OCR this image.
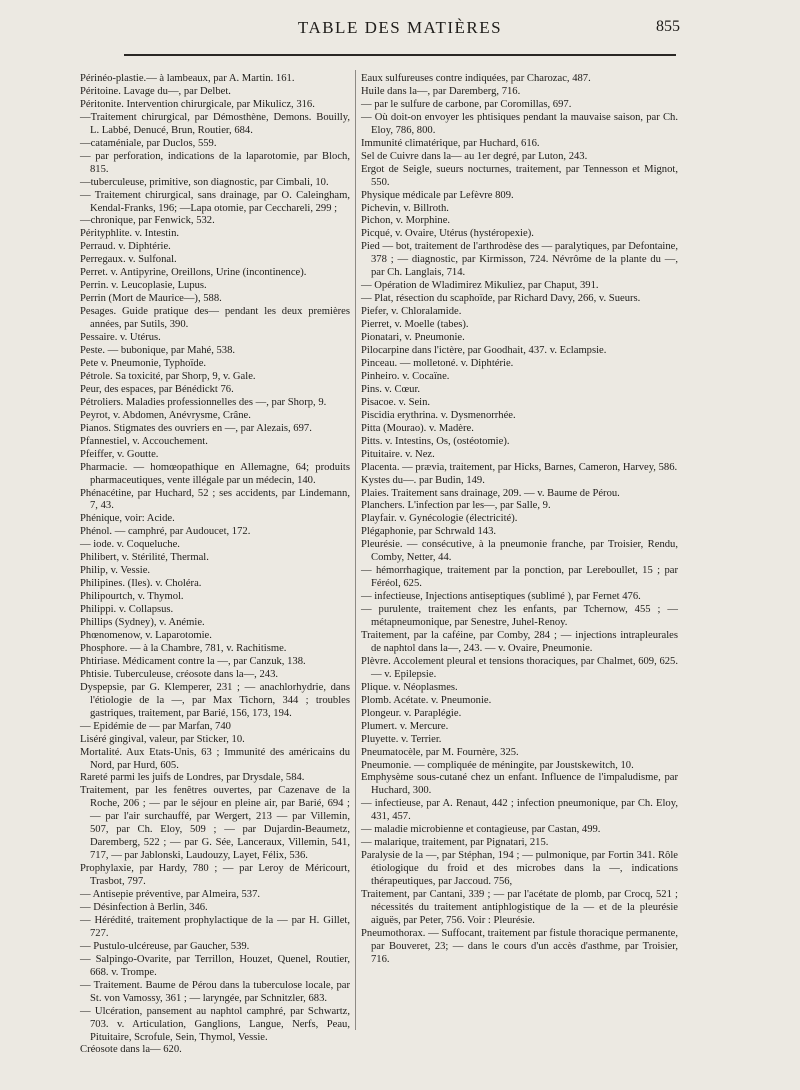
TABLE DES MATIÈRES	855

Périnéo-plastie.— à lambeaux, par A. Martin. 161.

Péritoine. Lavage du—, par Delbet.

Péritonite. Intervention chirurgicale, par Mikulicz, 316.

—Traitement chirurgical, par Démosthène, Demons. Bouilly, L. Labbé, Denucé, Brun, Routier, 684.

—cataméniale, par Duclos, 559.

— par perforation, indications de la laparotomie, par Bloch, 815.

—tuberculeuse, primitive, son diagnostic, par Cimbali, 10.

— Traitement chirurgical, sans drainage, par O. Caleingham, Kendal-Franks, 196; —Lapa otomie, par Cecchareli, 299 ;

—chronique, par Fenwick, 532.

Pérityphlite. v. Intestin.

Perraud. v. Diphtérie.

Perregaux. v. Sulfonal.

Perret. v. Antipyrine, Oreillons, Urine (incontinence).

Perrin. v. Leucoplasie, Lupus.

Perrin (Mort de Maurice—), 588.

Pesages. Guide pratique des— pendant les deux premières années, par Sutils, 390.

Pessaire. v. Utérus.

Peste. — bubonique, par Mahé, 538.

Pete v. Pneumonie, Typhoïde.

Pétrole. Sa toxicité, par Shorp, 9, v. Gale.

Peur, des espaces, par Bénédickt 76.

Pétroliers. Maladies professionnelles des —, par Shorp, 9.

Peyrot, v. Abdomen, Anévrysme, Crâne.

Pianos. Stigmates des ouvriers en —, par Alezais, 697.

Pfannestiel, v. Accouchement.

Pfeiffer, v. Goutte.

Pharmacie. — homœopathique en Allemagne, 64; produits pharmaceutiques, vente illégale par un médecin, 140.

Phénacétine, par Huchard, 52 ; ses accidents, par Lindemann, 7, 43.

Phénique, voir: Acide.

Phénol. — camphré, par Audoucet, 172.

— iode. v. Coqueluche.

Philibert, v. Stérilité, Thermal.

Philip, v. Vessie.

Philipines. (Iles). v. Choléra.

Philipourtch, v. Thymol.

Philippi. v. Collapsus.

Phillips (Sydney), v. Anémie.

Phœnomenow, v. Laparotomie.

Phosphore. — à la Chambre, 781, v. Rachitisme.

Phtiriase. Médicament contre la —, par Canzuk, 138.

Phtisie. Tuberculeuse, créosote dans la—, 243.

Dyspepsie, par G. Klemperer, 231 ; — anachlorhydrie, dans l'étiologie de la —, par Max Tichorn, 344 ; troubles gastriques, traitement, par Barié, 156, 173, 194.

— Epidémie de — par Marfan, 740

Liséré gingival, valeur, par Sticker, 10.

Mortalité. Aux Etats-Unis, 63 ; Immunité des américains du Nord, par Hurd, 605.

Rareté parmi les juifs de Londres, par Drysdale, 584.

Traitement, par les fenêtres ouvertes, par Cazenave de la Roche, 206 ; — par le séjour en pleine air, par Barié, 694 ; — par l'air surchauffé, par Wergert, 213 — par Villemin, 507, par Ch. Eloy, 509 ; — par Dujardin-Beaumetz, Daremberg, 522 ; — par G. Sée, Lanceraux, Villemin, 541, 717, — par Jablonski, Laudouzy, Layet, Félix, 536.

Prophylaxie, par Hardy, 780 ; — par Leroy de Méricourt, Trasbot, 797.

— Antisepie préventive, par Almeira, 537.

— Désinfection à Berlin, 346.

— Hérédité, traitement prophylactique de la — par H. Gillet, 727.

— Pustulo-ulcéreuse, par Gaucher, 539.

— Salpingo-Ovarite, par Terrillon, Houzet, Quenel, Routier, 668. v. Trompe.

— Traitement. Baume de Pérou dans la tuberculose locale, par St. von Vamossy, 361 ; — laryngée, par Schnitzler, 683.

— Ulcération, pansement au naphtol camphré, par Schwartz, 703. v. Articulation, Ganglions, Langue, Nerfs, Peau, Pituitaire, Scrofule, Sein, Thymol, Vessie.

Créosote dans la— 620.

Eaux sulfureuses contre indiquées, par Charozac, 487.

Huile dans la—, par Daremberg, 716.

— par le sulfure de carbone, par Coromillas, 697.

— Où doit-on envoyer les phtisiques pendant la mauvaise saison, par Ch. Eloy, 786, 800.

Immunité climatérique, par Huchard, 616.

Sel de Cuivre dans la— au 1er degré, par Luton, 243.

Ergot de Seigle, sueurs nocturnes, traitement, par Tennesson et Mignot, 550.

Physique médicale par Lefèvre 809.

Pichevin, v. Billroth.

Pichon, v. Morphine.

Picqué, v. Ovaire, Utérus (hystéropexie).

Pied — bot, traitement de l'arthrodèse des — paralytiques, par Defontaine, 378 ; — diagnostic, par Kirmisson, 724. Névrôme de la plante du —, par Ch. Langlais, 714.

— Opération de Wladimirez Mikuliez, par Chaput, 391.

— Plat, résection du scaphoïde, par Richard Davy, 266, v. Sueurs.

Piefer, v. Chloralamide.

Pierret, v. Moelle (tabes).

Pionatari, v. Pneumonie.

Pilocarpine dans l'ictère, par Goodhait, 437. v. Eclampsie.

Pinceau. — molletoné. v. Diphtérie.

Pinheiro. v. Cocaïne.

Pins. v. Cœur.

Pisacoe. v. Sein.

Piscidia erythrina. v. Dysmenorrhée.

Pitta (Mourao). v. Madère.

Pitts. v. Intestins, Os, (ostéotomie).

Pituitaire. v. Nez.

Placenta. — prævia, traitement, par Hicks, Barnes, Cameron, Harvey, 586.

Kystes du—. par Budin, 149.

Plaies. Traitement sans drainage, 209. — v. Baume de Pérou.

Planchers. L'infection par les—, par Salle, 9.

Playfair. v. Gynécologie (électricité).

Plégaphonie, par Schrwald 143.

Pleurésie. — consécutive, à la pneumonie franche, par Troisier, Rendu, Comby, Netter, 44.

— hémorrhagique, traitement par la ponction, par Lereboullet, 15 ; par Féréol, 625.

— infectieuse, Injections antiseptiques (sublimé ), par Fernet 476.

— purulente, traitement chez les enfants, par Tchernow, 455 ; — métapneumonique, par Senestre, Juhel-Renoy.

Traitement, par la caféine, par Comby, 284 ; — injections intrapleurales de naphtol dans la—, 243. — v. Ovaire, Pneumonie.

Plèvre. Accolement pleural et tensions thoraciques, par Chalmet, 609, 625. — v. Epilepsie.

Plique. v. Néoplasmes.

Plomb. Acétate. v. Pneumonie.

Plongeur. v. Paraplégie.

Plumert. v. Mercure.

Pluyette. v. Terrier.

Pneumatocèle, par M. Fournère, 325.

Pneumonie. — compliquée de méningite, par Joustskewitch, 10.

Emphysème sous-cutané chez un enfant. Influence de l'impaludisme, par Huchard, 300.

— infectieuse, par A. Renaut, 442 ; infection pneumonique, par Ch. Eloy, 431, 457.

— maladie microbienne et contagieuse, par Castan, 499.

— malarique, traitement, par Pignatari, 215.

Paralysie de la —, par Stéphan, 194 ; — pulmonique, par Fortin 341. Rôle étiologique du froid et des microbes dans la —, indications thérapeutiques, par Jaccoud. 756,

Traitement, par Cantani, 339 ; — par l'acétate de plomb, par Crocq, 521 ; nécessités du traitement antiphlogistique de la — et de la pleurésie aiguës, par Peter, 756. Voir : Pleurésie.

Pneumothorax. — Suffocant, traitement par fistule thoracique permanente, par Bouveret, 23; — dans le cours d'un accès d'asthme, par Troisier, 716.
